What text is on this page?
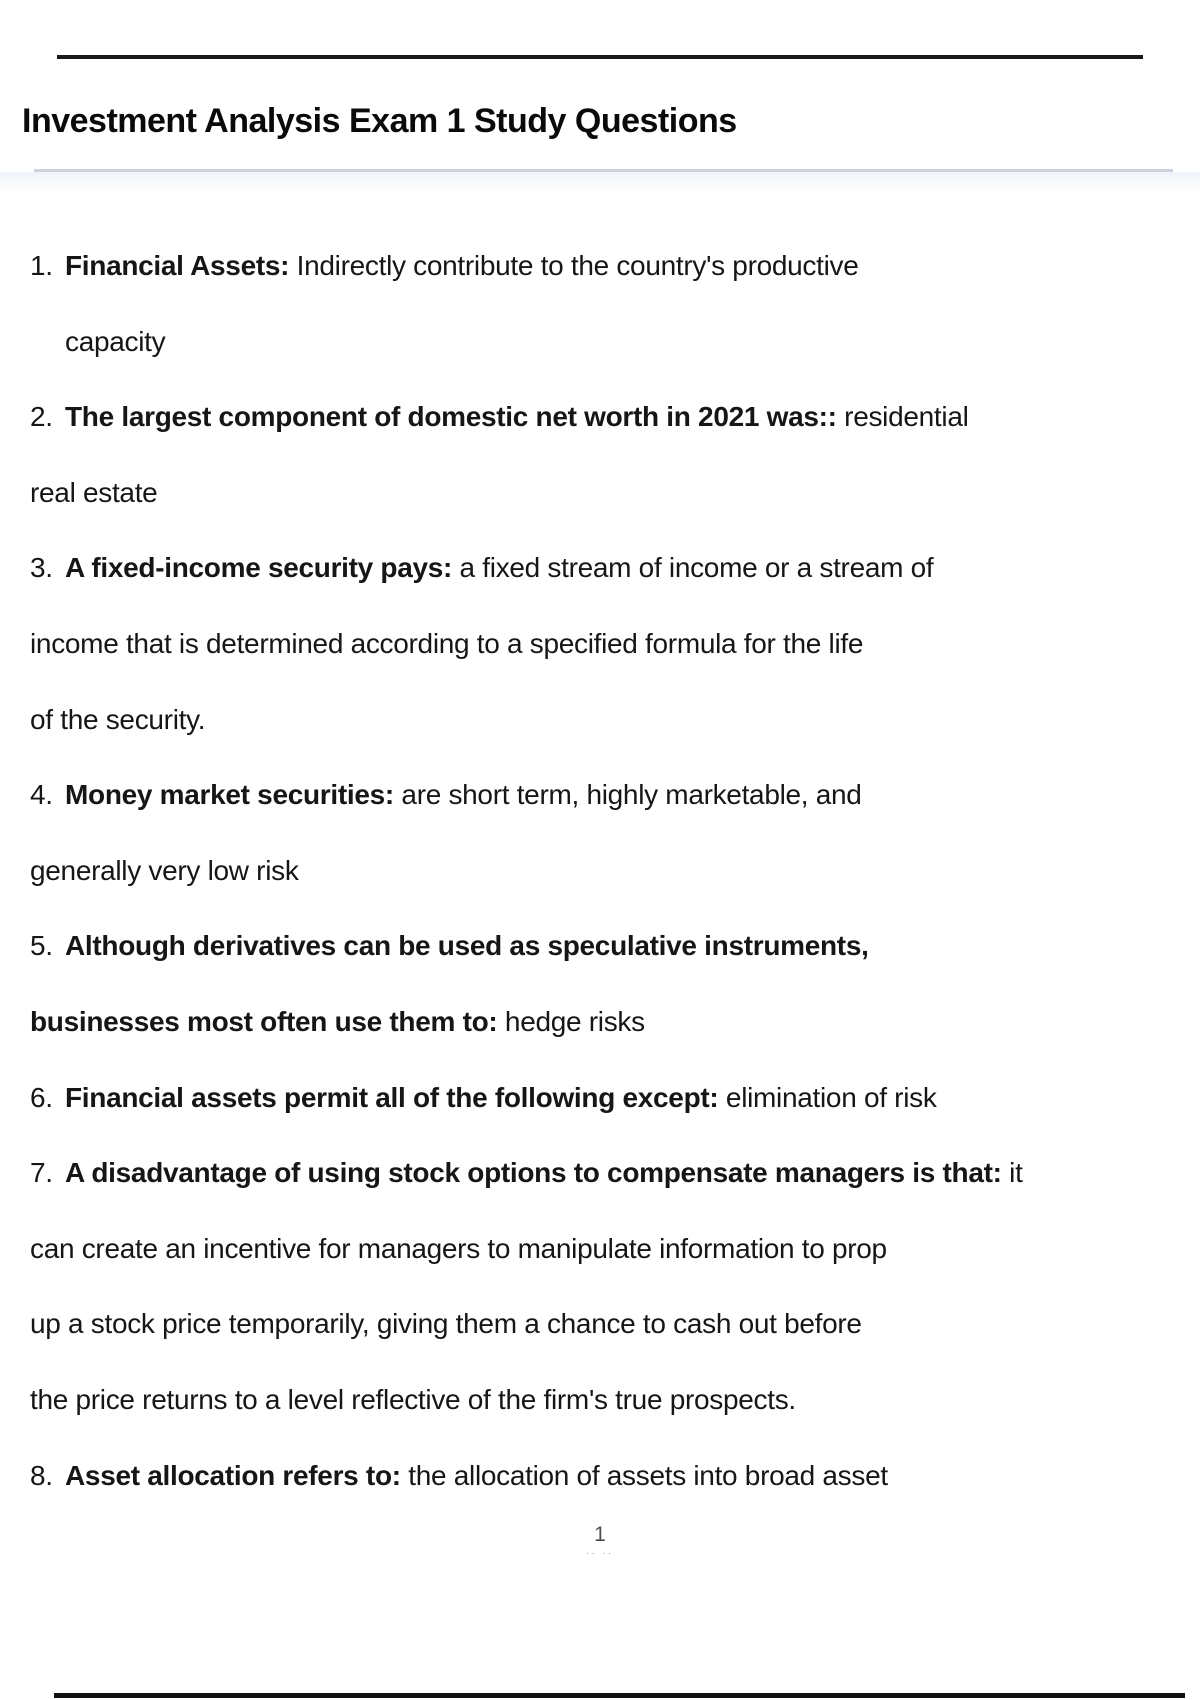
Investment Analysis Exam 1 Study Questions
1. Financial Assets: Indirectly contribute to the country's productive
capacity
2. The largest component of domestic net worth in 2021 was:: residential
real estate
3. A fixed-income security pays: a fixed stream of income or a stream of
income that is determined according to a specified formula for the life
of the security.
4. Money market securities: are short term, highly marketable, and
generally very low risk
5. Although derivatives can be used as speculative instruments,
businesses most often use them to: hedge risks
6. Financial assets permit all of the following except: elimination of risk
7. A disadvantage of using stock options to compensate managers is that: it
can create an incentive for managers to manipulate information to prop
up a stock price temporarily, giving them a chance to cash out before
the price returns to a level reflective of the firm's true prospects.
8. Asset allocation refers to: the allocation of assets into broad asset
1
.. ..
